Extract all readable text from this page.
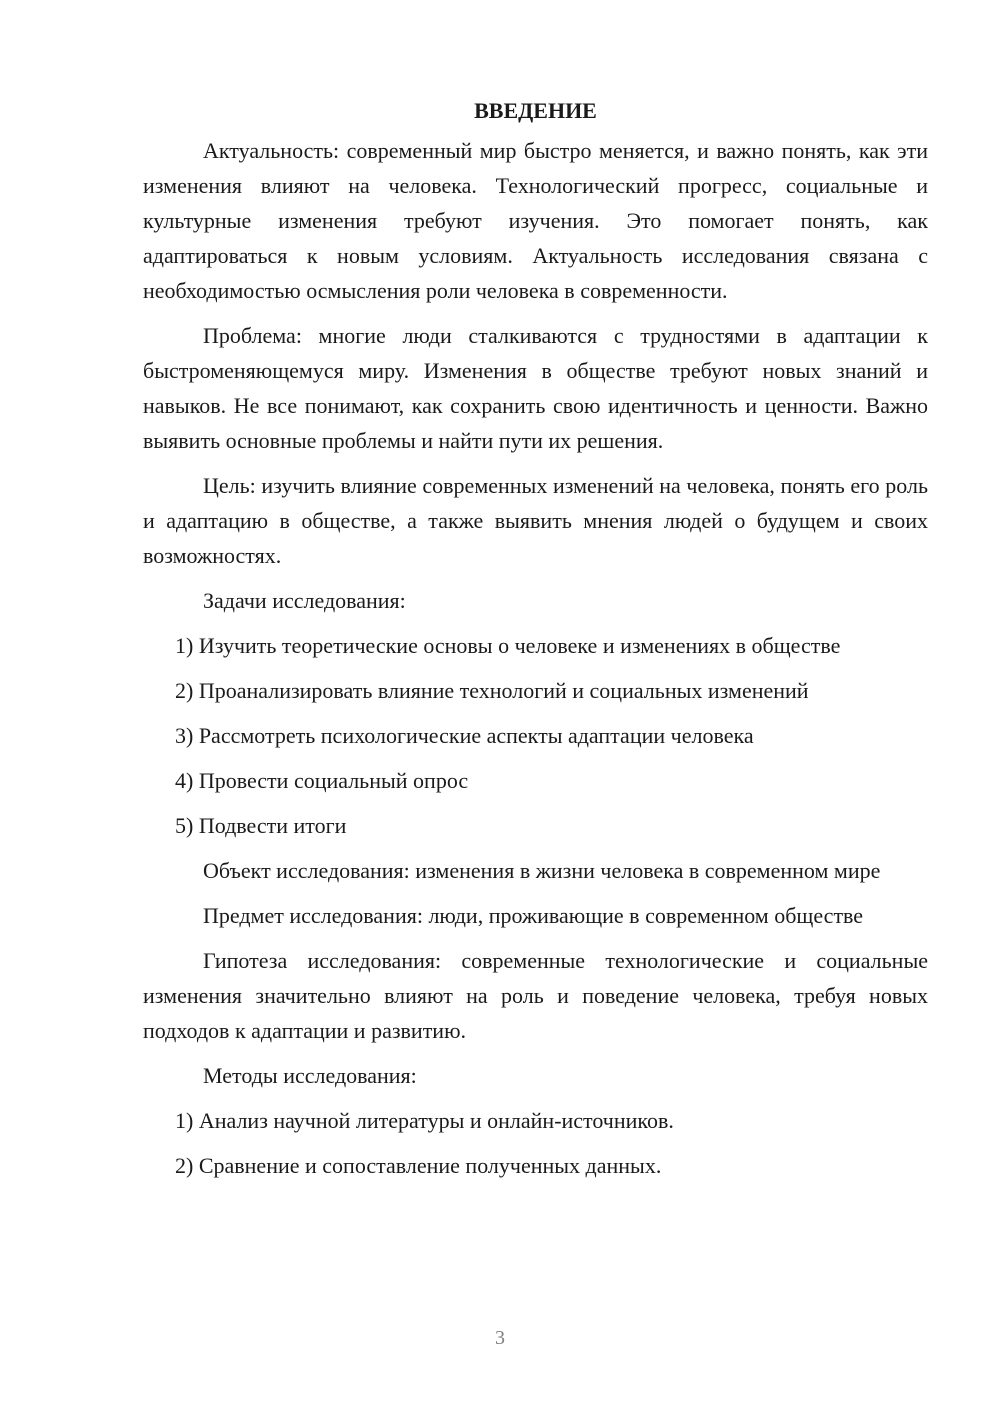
ВВЕДЕНИЕ

Актуальность: современный мир быстро меняется, и важно понять, как эти изменения влияют на человека. Технологический прогресс, социальные и культурные изменения требуют изучения. Это помогает понять, как адаптироваться к новым условиям. Актуальность исследования связана с необходимостью осмысления роли человека в современности.

Проблема: многие люди сталкиваются с трудностями в адаптации к быстроменяющемуся миру. Изменения в обществе требуют новых знаний и навыков. Не все понимают, как сохранить свою идентичность и ценности. Важно выявить основные проблемы и найти пути их решения.

Цель: изучить влияние современных изменений на человека, понять его роль и адаптацию в обществе, а также выявить мнения людей о будущем и своих возможностях.

Задачи исследования:

1) Изучить теоретические основы о человеке и изменениях в обществе
2) Проанализировать влияние технологий и социальных изменений
3) Рассмотреть психологические аспекты адаптации человека
4) Провести социальный опрос
5) Подвести итоги

Объект исследования: изменения в жизни человека в современном мире

Предмет исследования: люди, проживающие в современном обществе

Гипотеза исследования: современные технологические и социальные изменения значительно влияют на роль и поведение человека, требуя новых подходов к адаптации и развитию.

Методы исследования:

1) Анализ научной литературы и онлайн-источников.
2) Сравнение и сопоставление полученных данных.
3
